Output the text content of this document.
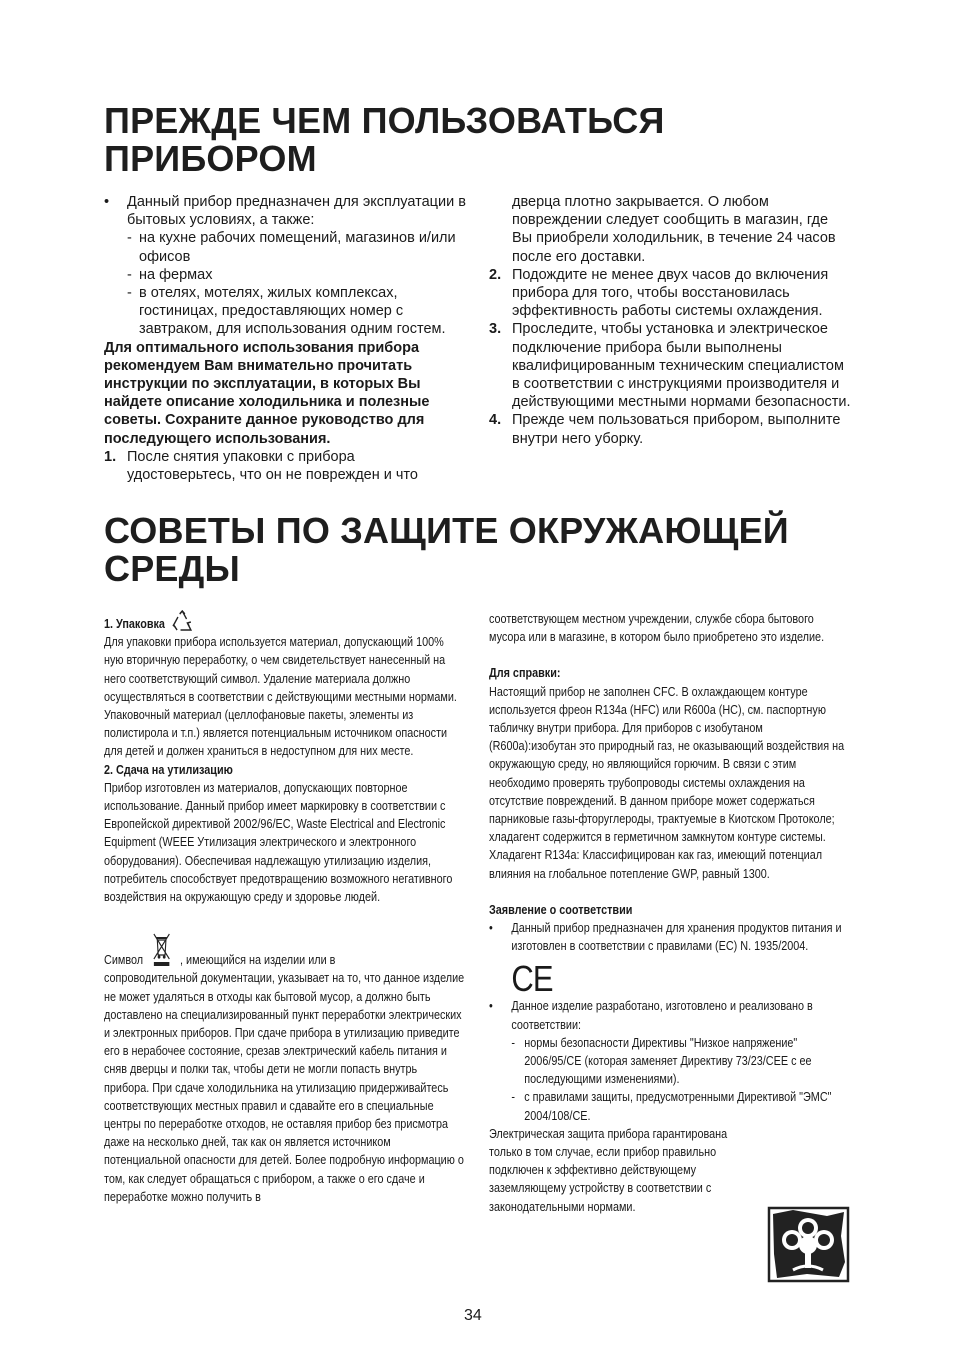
ПРЕЖДЕ ЧЕМ ПОЛЬЗОВАТЬСЯ
ПРИБОРОМ
• Данный прибор предназначен для эксплуатации в бытовых условиях, а также:

- на кухне рабочих помещений, магазинов и/или офисов

- на фермах

- в отелях, мотелях, жилых комплексах, гостиницах, предоставляющих номер с завтраком, для использования одним гостем.

Для оптимального использования прибора рекомендуем Вам внимательно прочитать инструкции по эксплуатации, в которых Вы найдете описание холодильника и полезные советы. Сохраните данное руководство для последующего использования.

1. После снятия упаковки с прибора удостоверьтесь, что он не поврежден и что

дверца плотно закрывается. О любом повреждении следует сообщить в магазин, где Вы приобрели холодильник, в течение 24 часов после его доставки.

2. Подождите не менее двух часов до включения прибора для того, чтобы восстановилась эффективность работы системы охлаждения.

3. Проследите, чтобы установка и электрическое подключение прибора были выполнены квалифицированным техническим специалистом в соответствии с инструкциями производителя и действующими местными нормами безопасности.

4. Прежде чем пользоваться прибором, выполните внутри него уборку.

СОВЕТЫ ПО ЗАЩИТЕ ОКРУЖАЮЩЕЙ
СРЕДЫ

1. Упаковка

Для упаковки прибора используется материал, допускающий 100% ную вторичную переработку, о чем свидетельствует нанесенный на него соответствующий символ. Удаление материала должно осуществляться в соответствии с действующими местными нормами. Упаковочный материал (целлофановые пакеты, элементы из полистирола и т.п.) является потенциальным источником опасности для детей и должен храниться в недоступном для них месте.

2. Сдача на утилизацию

Прибор изготовлен из материалов, допускающих повторное использование. Данный прибор имеет маркировку в соответствии с Европейской директивой 2002/96/ЕС, Waste Electrical and Electronic Equipment (WEEE Утилизация электрического и электронного оборудования). Обеспечивая надлежащую утилизацию изделия, потребитель способствует предотвращению возможного негативного воздействия на окружающую среду и здоровье людей.

Символ	, имеющийся на изделии или в

сопроводительной документации, указывает на то, что данное изделие не может удаляться в отходы как бытовой мусор, а должно быть доставлено на специализированный пункт переработки электрических и электронных приборов. При сдаче прибора в утилизацию приведите его в нерабочее состояние, срезав электрический кабель питания и сняв дверцы и полки так, чтобы дети не могли попасть внутрь прибора. При сдаче холодильника на утилизацию придерживайтесь соответствующих местных правил и сдавайте его в специальные центры по переработке отходов, не оставляя прибор без присмотра даже на несколько дней, так как он является источником потенциальной опасности для детей. Более подробную информацию о том, как следует обращаться с прибором, а также о его сдаче и переработке можно получить в

соответствующем местном учреждении, службе сбора бытового мусора или в магазине, в котором было приобретено это изделие.

Для справки:

Настоящий прибор не заполнен CFC. В охлаждающем контуре используется фреон R134a (HFC) или R600a (HC), см. паспортную табличку внутри прибора. Для приборов с изобутаном (R600a):изобутан это природный газ, не оказывающий воздействия на окружающую среду, но являющийся горючим. В связи с этим необходимо проверять трубопроводы системы охлаждения на отсутствие повреждений. В данном приборе может содержаться парниковые газы-фторуглероды, трактуемые в Киотском Протоколе; хладагент содержится в герметичном замкнутом контуре системы. Хладагент R134a: Классифицирован как газ, имеющий потенциал влияния на глобальное потепление GWP, равный 1300.

Заявление о соответствии

• Данный прибор предназначен для хранения продуктов питания и изготовлен в соответствии с правилами (ЕС) N. 1935/2004.

CE
• Данное изделие разработано, изготовлено и реализовано в соответствии:

- нормы безопасности Директивы "Низкое напряжение" 2006/95/CE (которая заменяет Директиву 73/23/CEE с ее последующими изменениями).

- с правилами защиты, предусмотренными Директивой "ЭМС" 2004/108/CE.

Электрическая защита прибора гарантирована только в том случае, если прибор правильно подключен к эффективно действующему заземляющему устройству в соответствии с законодательными нормами.

34
